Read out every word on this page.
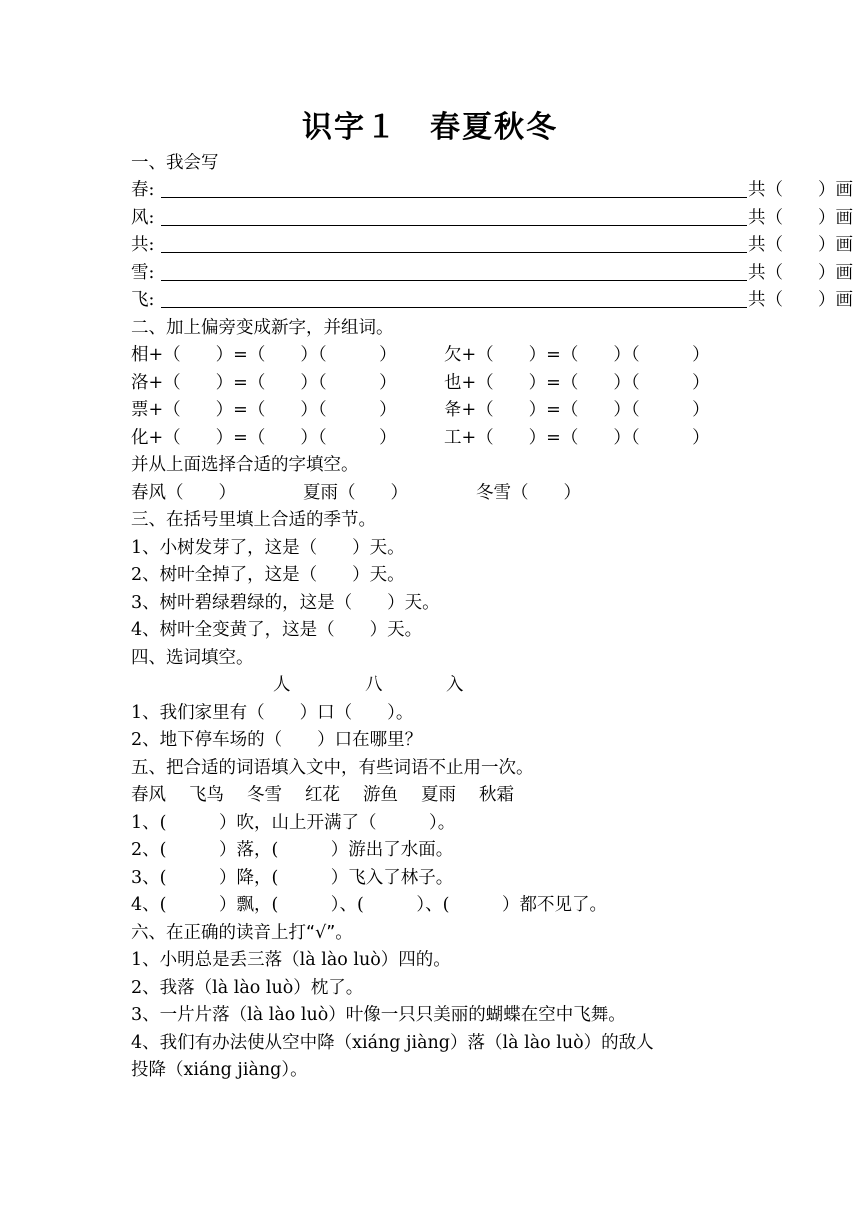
识字１　春夏秋冬
一、我会写
春:	共（　　）画
风:	共（　　）画
共:	共（　　）画
雪:	共（　　）画
飞:	共（　　）画
二、加上偏旁变成新字，并组词。
相+（　　）=（　　）（　　　）	欠+（　　）=（　　）（　　　）
洛+（　　）=（　　）（　　　）	也+（　　）=（　　）（　　　）
票+（　　）=（　　）（　　　）	夅+（　　）=（　　）（　　　）
化+（　　）=（　　）（　　　）	工+（　　）=（　　）（　　　）
并从上面选择合适的字填空。
春风（　　）	夏雨（　　）	冬雪（　　）
三、在括号里填上合适的季节。
1、小树发芽了，这是（　　）天。
2、树叶全掉了，这是（　　）天。
3、树叶碧绿碧绿的，这是（　　）天。
4、树叶全变黄了，这是（　　）天。
四、选词填空。
人	八	入
1、我们家里有（　　）口（　　）。
2、地下停车场的（　　）口在哪里？
五、把合适的词语填入文中，有些词语不止用一次。
春风 飞鸟 冬雪 红花 游鱼 夏雨 秋霜
1、(　　　）吹，山上开满了（　　　）。
2、(　　　）落，(　　　）游出了水面。
3、(　　　）降，(　　　）飞入了林子。
4、(　　　）飘，(　　　）、(　　　）、(　　　）都不见了。
六、在正确的读音上打“√”。
1、小明总是丢三落（là lào luò）四的。
2、我落（là lào luò）枕了。
3、一片片落（là lào luò）叶像一只只美丽的蝴蝶在空中飞舞。
4、我们有办法使从空中降（xiáng jiàng）落（là lào luò）的敌人
投降（xiáng jiàng）。
